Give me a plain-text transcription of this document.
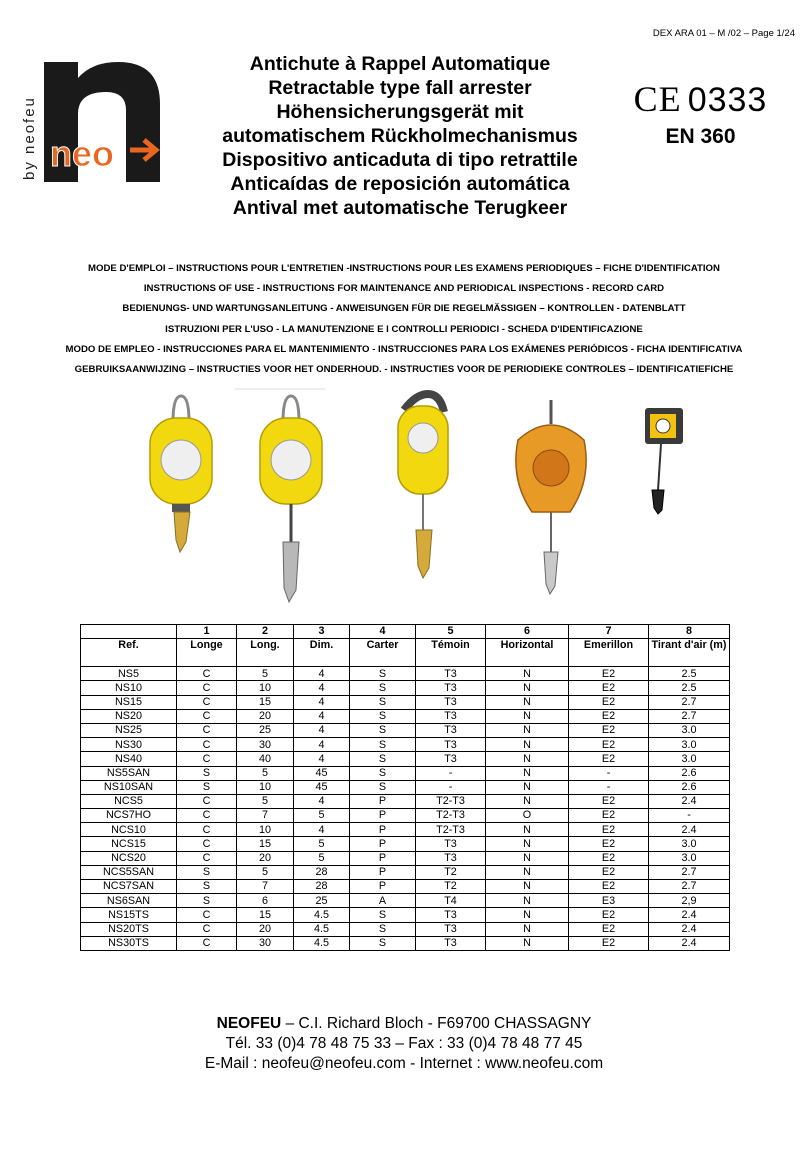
DEX ARA 01 – M /02 – Page 1/24
by neofeu neo
Antichute à Rappel Automatique
Retractable type fall arrester
Höhensicherungsgerät mit
automatischem Rückholmechanismus
Dispositivo anticaduta di tipo retrattile
Anticaídas de reposición automática
Antival met automatische Terugkeer
CE 0333
EN 360
MODE D'EMPLOI – INSTRUCTIONS POUR L'ENTRETIEN -INSTRUCTIONS POUR LES EXAMENS PERIODIQUES – FICHE D'IDENTIFICATION
INSTRUCTIONS OF USE - INSTRUCTIONS FOR MAINTENANCE AND PERIODICAL INSPECTIONS - RECORD CARD
BEDIENUNGS- UND WARTUNGSANLEITUNG - ANWEISUNGEN FÜR DIE REGELMÄSSIGEN – KONTROLLEN - DATENBLATT
ISTRUZIONI PER L'USO - LA MANUTENZIONE E I CONTROLLI PERIODICI - SCHEDA D'IDENTIFICAZIONE
MODO DE EMPLEO - INSTRUCCIONES PARA EL MANTENIMIENTO - INSTRUCCIONES PARA LOS EXÁMENES PERIÓDICOS - FICHA IDENTIFICATIVA
GEBRUIKSAANWIJZING – INSTRUCTIES VOOR HET ONDERHOUD. - INSTRUCTIES VOOR DE PERIODIEKE CONTROLES – IDENTIFICATIEFICHE
	1	2	3	4	5	6	7	8
Ref.	Longe	Long.	Dim.	Carter	Témoin	Horizontal	Emerillon	Tirant d'air (m)
NS5	C	5	4	S	T3	N	E2	2.5
NS10	C	10	4	S	T3	N	E2	2.5
NS15	C	15	4	S	T3	N	E2	2.7
NS20	C	20	4	S	T3	N	E2	2.7
NS25	C	25	4	S	T3	N	E2	3.0
NS30	C	30	4	S	T3	N	E2	3.0
NS40	C	40	4	S	T3	N	E2	3.0
NS5SAN	S	5	45	S	-	N	-	2.6
NS10SAN	S	10	45	S	-	N	-	2.6
NCS5	C	5	4	P	T2-T3	N	E2	2.4
NCS7HO	C	7	5	P	T2-T3	O	E2	-
NCS10	C	10	4	P	T2-T3	N	E2	2.4
NCS15	C	15	5	P	T3	N	E2	3.0
NCS20	C	20	5	P	T3	N	E2	3.0
NCS5SAN	S	5	28	P	T2	N	E2	2.7
NCS7SAN	S	7	28	P	T2	N	E2	2.7
NS6SAN	S	6	25	A	T4	N	E3	2,9
NS15TS	C	15	4.5	S	T3	N	E2	2.4
NS20TS	C	20	4.5	S	T3	N	E2	2.4
NS30TS	C	30	4.5	S	T3	N	E2	2.4
NEOFEU – C.I. Richard Bloch - F69700 CHASSAGNY
Tél. 33 (0)4 78 48 75 33 – Fax : 33 (0)4 78 48 77 45
E-Mail : neofeu@neofeu.com - Internet : www.neofeu.com
